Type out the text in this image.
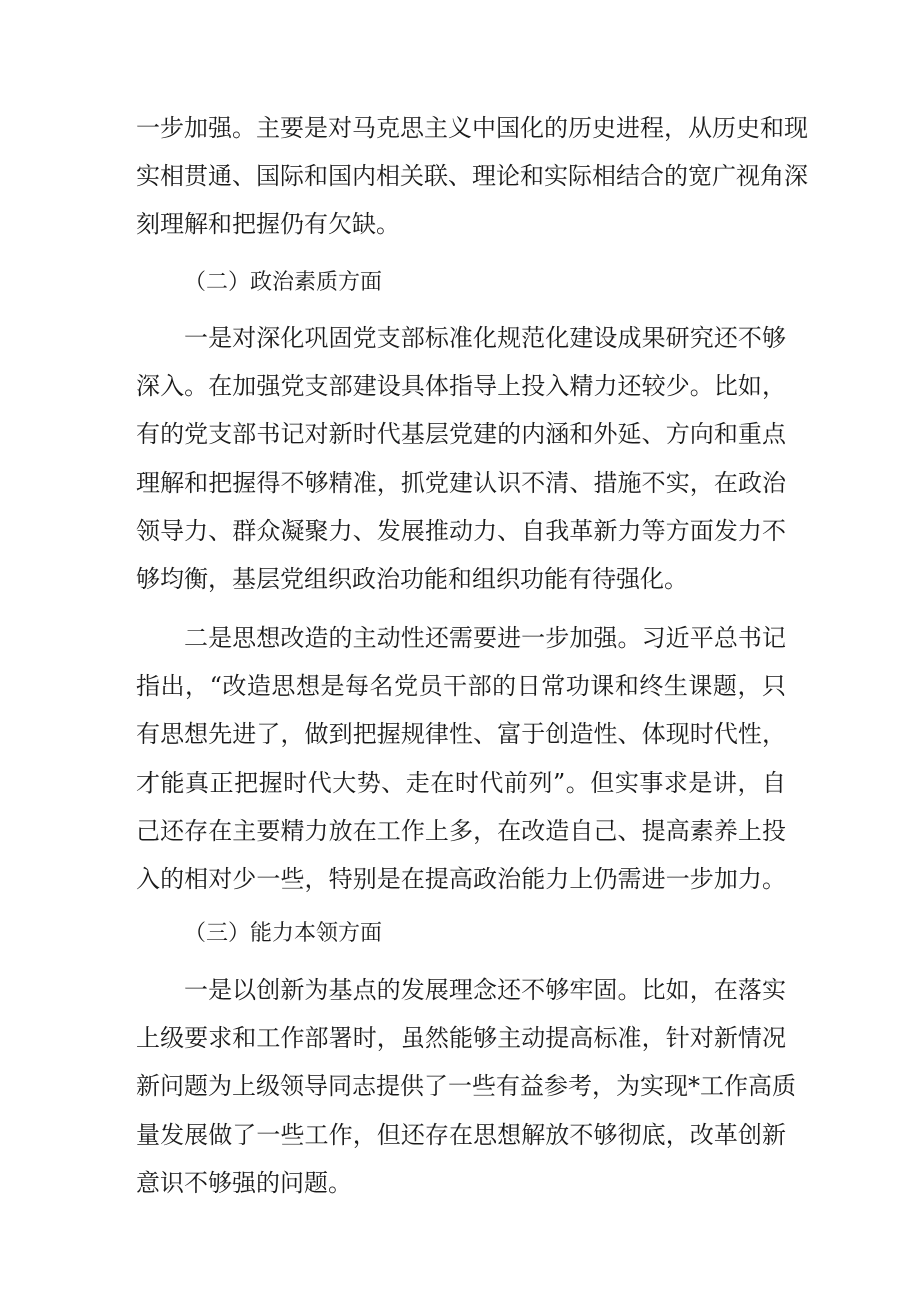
一步加强。主要是对马克思主义中国化的历史进程，从历史和现
实相贯通、国际和国内相关联、理论和实际相结合的宽广视角深
刻理解和把握仍有欠缺。
（二）政治素质方面
一是对深化巩固党支部标准化规范化建设成果研究还不够
深入。在加强党支部建设具体指导上投入精力还较少。比如，
有的党支部书记对新时代基层党建的内涵和外延、方向和重点
理解和把握得不够精准，抓党建认识不清、措施不实，在政治
领导力、群众凝聚力、发展推动力、自我革新力等方面发力不
够均衡，基层党组织政治功能和组织功能有待强化。
二是思想改造的主动性还需要进一步加强。习近平总书记
指出，“改造思想是每名党员干部的日常功课和终生课题，只
有思想先进了，做到把握规律性、富于创造性、体现时代性，
才能真正把握时代大势、走在时代前列”。但实事求是讲，自
己还存在主要精力放在工作上多，在改造自己、提高素养上投
入的相对少一些，特别是在提高政治能力上仍需进一步加力。
（三）能力本领方面
一是以创新为基点的发展理念还不够牢固。比如，在落实
上级要求和工作部署时，虽然能够主动提高标准，针对新情况
新问题为上级领导同志提供了一些有益参考，为实现*工作高质
量发展做了一些工作，但还存在思想解放不够彻底，改革创新
意识不够强的问题。
